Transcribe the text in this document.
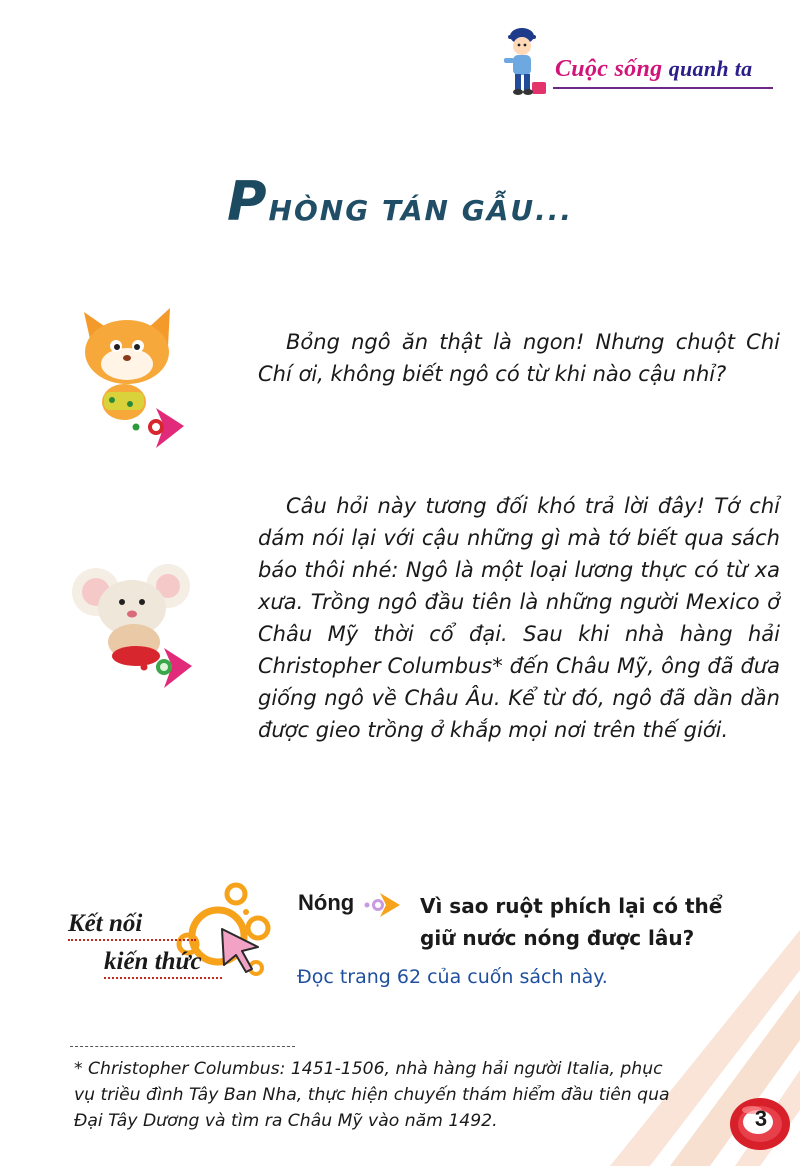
Cuộc sống quanh ta
PHÒNG TÁN GẪU...

Bỏng ngô ăn thật là ngon! Nhưng chuột Chi Chí ơi, không biết ngô có từ khi nào cậu nhỉ?

Câu hỏi này tương đối khó trả lời đây! Tớ chỉ dám nói lại với cậu những gì mà tớ biết qua sách báo thôi nhé: Ngô là một loại lương thực có từ xa xưa. Trồng ngô đầu tiên là những người Mexico ở Châu Mỹ thời cổ đại. Sau khi nhà hàng hải Christopher Columbus* đến Châu Mỹ, ông đã đưa giống ngô về Châu Âu. Kể từ đó, ngô đã dần dần được gieo trồng ở khắp mọi nơi trên thế giới.

Kết nối
kiến thức
Nóng	Vì sao ruột phích lại có thể giữ nước nóng được lâu?

Đọc trang 62 của cuốn sách này.

* Christopher Columbus: 1451-1506, nhà hàng hải người Italia, phục vụ triều đình Tây Ban Nha, thực hiện chuyến thám hiểm đầu tiên qua Đại Tây Dương và tìm ra Châu Mỹ vào năm 1492.	3
